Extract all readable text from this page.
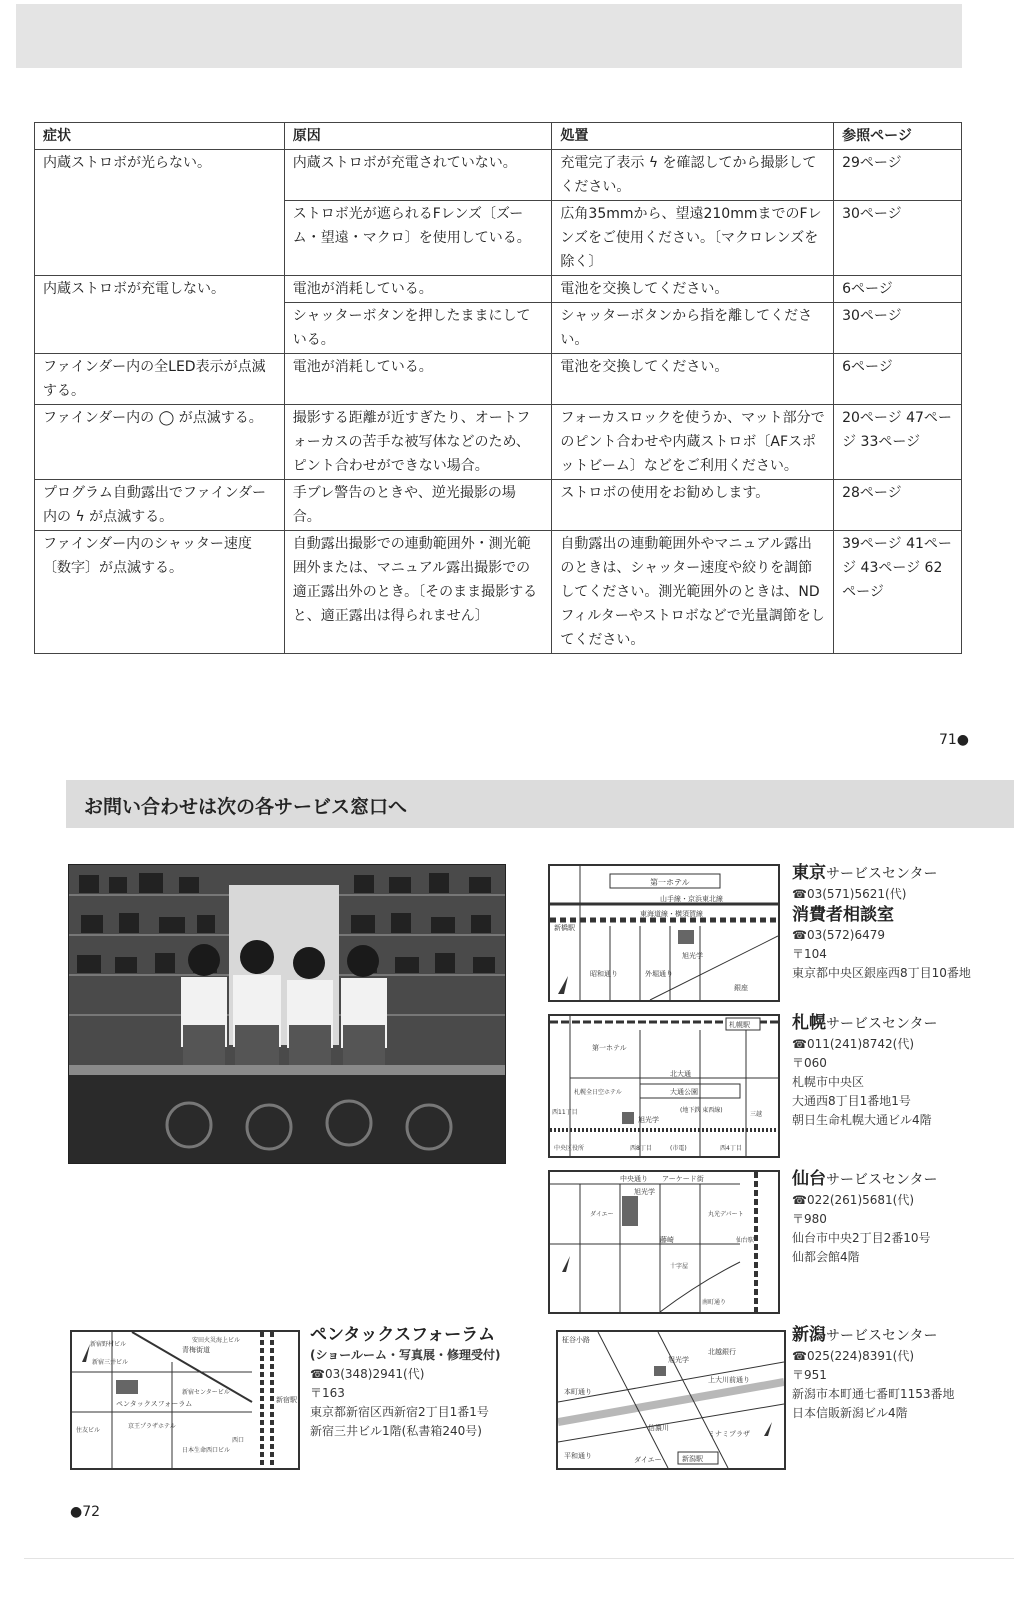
症状	原因	処置	参照ページ
内蔵ストロボが光らない。	内蔵ストロボが充電されていない。	充電完了表示 ϟ を確認してから撮影してください。	29ページ
	ストロボ光が遮られるFレンズ〔ズーム・望遠・マクロ〕を使用している。	広角35mmから、望遠210mmまでのFレンズをご使用ください。〔マクロレンズを除く〕	30ページ
内蔵ストロボが充電しない。	電池が消耗している。	電池を交換してください。	6ページ
	シャッターボタンを押したままにしている。	シャッターボタンから指を離してください。	30ページ
ファインダー内の全LED表示が点滅する。	電池が消耗している。	電池を交換してください。	6ページ
ファインダー内の ◯ が点滅する。	撮影する距離が近すぎたり、オートフォーカスの苦手な被写体などのため、ピント合わせができない場合。	フォーカスロックを使うか、マット部分でのピント合わせや内蔵ストロボ〔AFスポットビーム〕などをご利用ください。	20ページ 47ページ 33ページ
プログラム自動露出でファインダー内の ϟ が点滅する。	手ブレ警告のときや、逆光撮影の場合。	ストロボの使用をお勧めします。	28ページ
ファインダー内のシャッター速度〔数字〕が点滅する。	自動露出撮影での連動範囲外・測光範囲外または、マニュアル露出撮影での適正露出外のとき。〔そのまま撮影すると、適正露出は得られません〕	自動露出の連動範囲外やマニュアル露出のときは、シャッター速度や絞りを調節してください。測光範囲外のときは、NDフィルターやストロボなどで光量調節をしてください。	39ページ 41ページ 43ページ 62ページ
71●
お問い合わせは次の各サービス窓口へ
第一ホテル
山手線・京浜東北線
東海道線・横須賀線
新橋駅
旭光学
銀座
昭和通り	外堀通り
東京サービスセンター
☎03(571)5621(代)
消費者相談室
☎03(572)6479
〒104
東京都中央区銀座西8丁目10番地
札幌駅
第一ホテル
北大通
大通公園
札幌全日空ホテル
旭光学
(地下鉄 東西線)
西11丁目
中央区役所	(市電)
西8丁目	西4丁目
三越
札幌サービスセンター
☎011(241)8742(代)
〒060
札幌市中央区
大通西8丁目1番地1号
朝日生命札幌大通ビル4階
中央通り アーケード街
旭光学
藤崎
丸光デパート
ダイエー
十字屋
仙台駅
南町通り
仙台サービスセンター
☎022(261)5681(代)
〒980
仙台市中央2丁目2番10号
仙都会館4階
柾谷小路
旭光学
北越銀行
上大川前通り
本町通り
信濃川
ダイエー
ミナミプラザ
新潟駅
平和通り
新潟サービスセンター
☎025(224)8391(代)
〒951
新潟市本町通七番町1153番地
日本信販新潟ビル4階
新宿駅
青梅街道
新宿野村ビル
安田火災海上ビル
新宿三井ビル
ペンタックスフォーラム
新宿センタービル
京王プラザホテル
住友ビル
日本生命西口ビル
西口
ペンタックスフォーラム
(ショールーム・写真展・修理受付)
☎03(348)2941(代)
〒163
東京都新宿区西新宿2丁目1番1号
新宿三井ビル1階(私書箱240号)
●72
